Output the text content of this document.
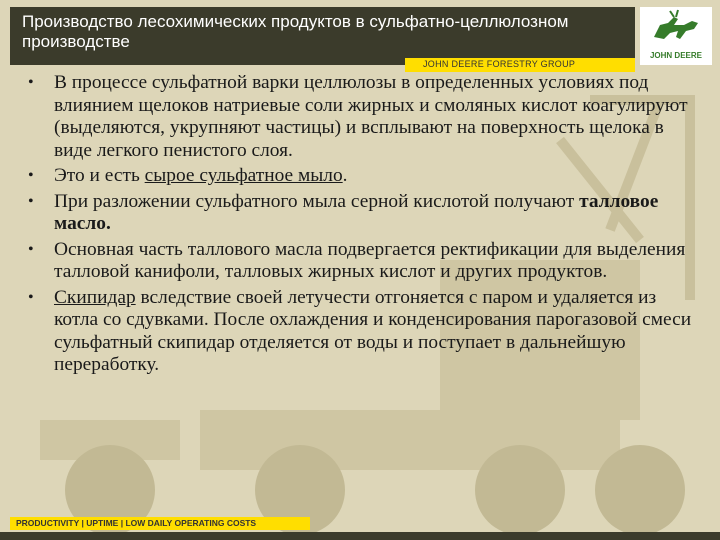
Производство лесохимических продуктов в сульфатно-целлюлозном производстве
JOHN DEERE FORESTRY GROUP
JOHN DEERE
• В процессе сульфатной варки целлюлозы в определенных условиях под влиянием щелоков натриевые соли жирных и смоляных кислот коагулируют (выделяются, укрупняют частицы) и всплывают на поверхность щелока в виде легкого пенистого слоя.
• Это и есть сырое сульфатное мыло.
• При разложении сульфатного мыла серной кислотой получают талловое масло.
• Основная часть таллового масла подвергается ректификации для выделения талловой канифоли, талловых жирных кислот и других продуктов.
• Скипидар вследствие своей летучести отгоняется с паром и удаляется из котла со сдувками. После охлаждения и конденсирования парогазовой смеси сульфатный скипидар отделяется от воды и поступает в дальнейшую переработку.
PRODUCTIVITY | UPTIME | LOW DAILY OPERATING COSTS
